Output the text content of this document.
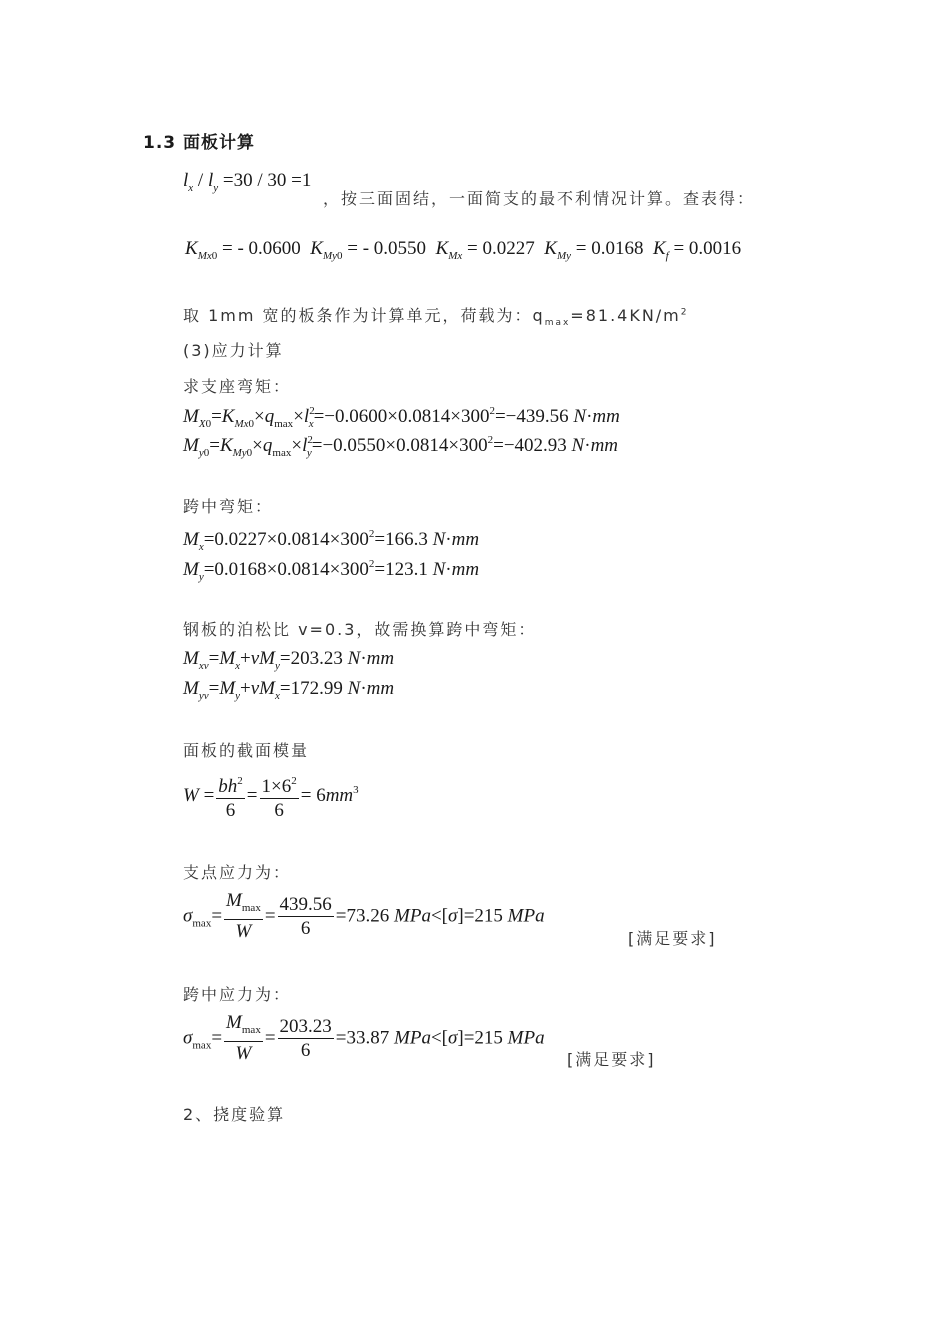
1.3 面板计算
$l_x / l_y =30 / 30 =1$
， 按三面固结，一面简支的最不利情况计算。查表得：
$K_{Mx0}$ = - 0.0600 $K_{My0}$ = - 0.0550 $K_{Mx} = 0.0227$ $K_{My} = 0.0168$ $K_f = 0.0016$
取 1mm 宽的板条作为计算单元，荷载为：$q_{max}=81.4KN/m^2$
(3)应力计算
求支座弯矩：
$M_{X0}=K_{Mx0}\times q_{max}\times l^2_x=-0.0600\times 0.0814\times 300^2=-439.56$ N·mm
$M_{y0}=K_{My0}\times q_{max}\times l^2_y=-0.0550\times 0.0814\times 300^2=-402.93$ N·mm
跨中弯矩：
$M_x=0.0227\times 0.0814\times 300^2=166.3$ N·mm
$M_y=0.0168\times 0.0814\times 300^2=123.1$ N·mm
钢板的泊松比 v=0.3，故需换算跨中弯矩：
$M_{xv}=M_x+vM_y=203.23$ N·mm
$M_{yv}=M_y+vM_x=172.99$ N·mm
面板的截面模量
$W = \frac{bh^2}{6} = \frac{1\times 6^2}{6} = 6mm^3$
支点应力为：
$\sigma_{max}= \frac{M_{max}}{W} = \frac{439.56}{6} =73.26$ MPa<[σ]=215 MPa
[满足要求]
跨中应力为：
$\sigma_{max}= \frac{M_{max}}{W} = \frac{203.23}{6} =33.87$ MPa<[σ]=215 MPa
[满足要求]
2、挠度验算
